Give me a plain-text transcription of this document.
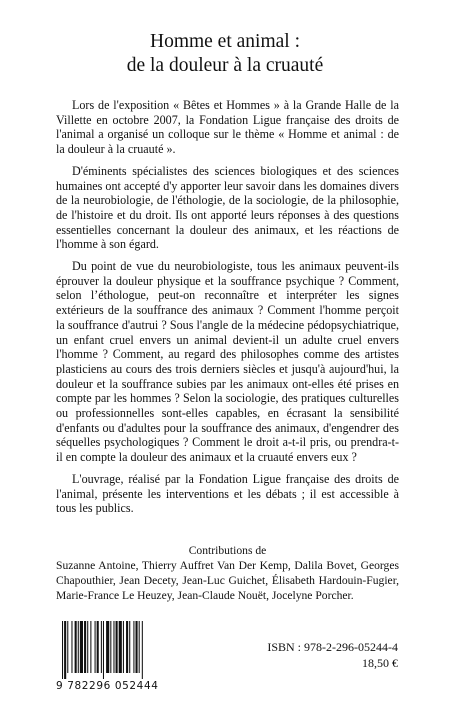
Homme et animal :
de la douleur à la cruauté

Lors de l'exposition « Bêtes et Hommes » à la Grande Halle de la Villette en octobre 2007, la Fondation Ligue française des droits de l'animal a organisé un colloque sur le thème « Homme et animal : de la douleur à la cruauté ».

D'éminents spécialistes des sciences biologiques et des sciences humaines ont accepté d'y apporter leur savoir dans les domaines divers de la neurobiologie, de l'éthologie, de la sociologie, de la philosophie, de l'histoire et du droit. Ils ont apporté leurs réponses à des questions essentielles concernant la douleur des animaux, et les réactions de l'homme à son égard.

Du point de vue du neurobiologiste, tous les animaux peuvent-ils éprouver la douleur physique et la souffrance psychique ? Comment, selon l’éthologue, peut-on reconnaître et interpréter les signes extérieurs de la souffrance des animaux ? Comment l'homme perçoit la souffrance d'autrui ? Sous l'angle de la médecine pédopsychiatrique, un enfant cruel envers un animal devient-il un adulte cruel envers l'homme ? Comment, au regard des philosophes comme des artistes plasticiens au cours des trois derniers siècles et jusqu'à aujourd'hui, la douleur et la souffrance subies par les animaux ont-elles été prises en compte par les hommes ? Selon la sociologie, des pratiques culturelles ou professionnelles sont-elles capables, en écrasant la sensibilité d'enfants ou d'adultes pour la souffrance des animaux, d'engendrer des séquelles psychologiques ? Comment le droit a-t-il pris, ou prendra-t-il en compte la douleur des animaux et la cruauté envers eux ?

L'ouvrage, réalisé par la Fondation Ligue française des droits de l'animal, présente les interventions et les débats ; il est accessible à tous les publics.

Contributions de
Suzanne Antoine, Thierry Auffret Van Der Kemp, Dalila Bovet, Georges Chapouthier, Jean Decety, Jean-Luc Guichet, Élisabeth Hardouin-Fugier, Marie-France Le Heuzey, Jean-Claude Nouët, Jocelyne Porcher.
9 782296 052444
ISBN : 978-2-296-05244-4
18,50 €
